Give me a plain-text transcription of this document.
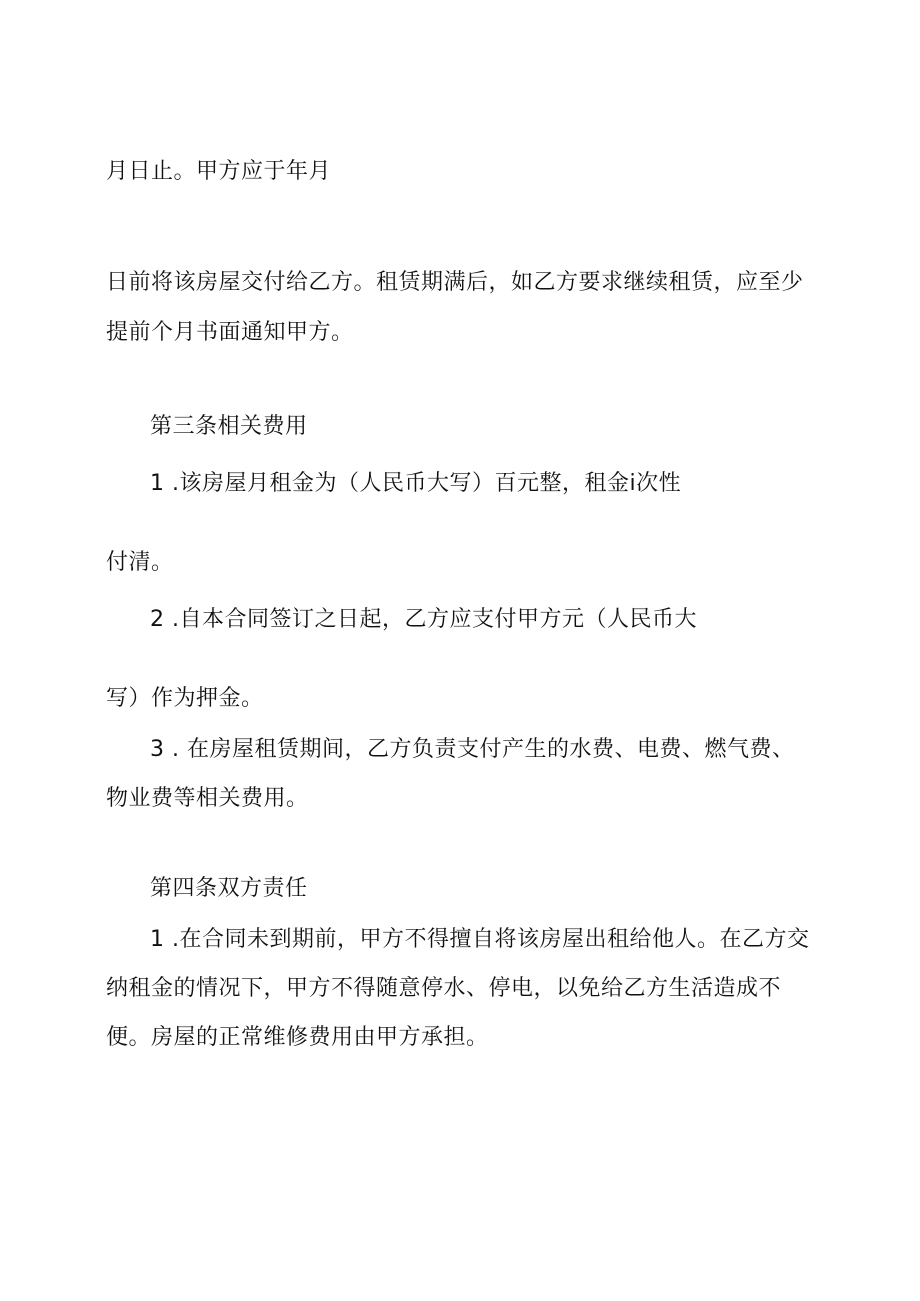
月日止。甲方应于年月
日前将该房屋交付给乙方。租赁期满后，如乙方要求继续租赁，应至少
提前个月书面通知甲方。
第三条相关费用
1 .该房屋月租金为（人民币大写）百元整，租金i次性
付清。
2 .自本合同签订之日起，乙方应支付甲方元（人民币大
写）作为押金。
3 . 在房屋租赁期间，乙方负责支付产生的水费、电费、燃气费、
物业费等相关费用。
第四条双方责任
1 .在合同未到期前，甲方不得擅自将该房屋出租给他人。在乙方交
纳租金的情况下，甲方不得随意停水、停电，以免给乙方生活造成不
便。房屋的正常维修费用由甲方承担。
